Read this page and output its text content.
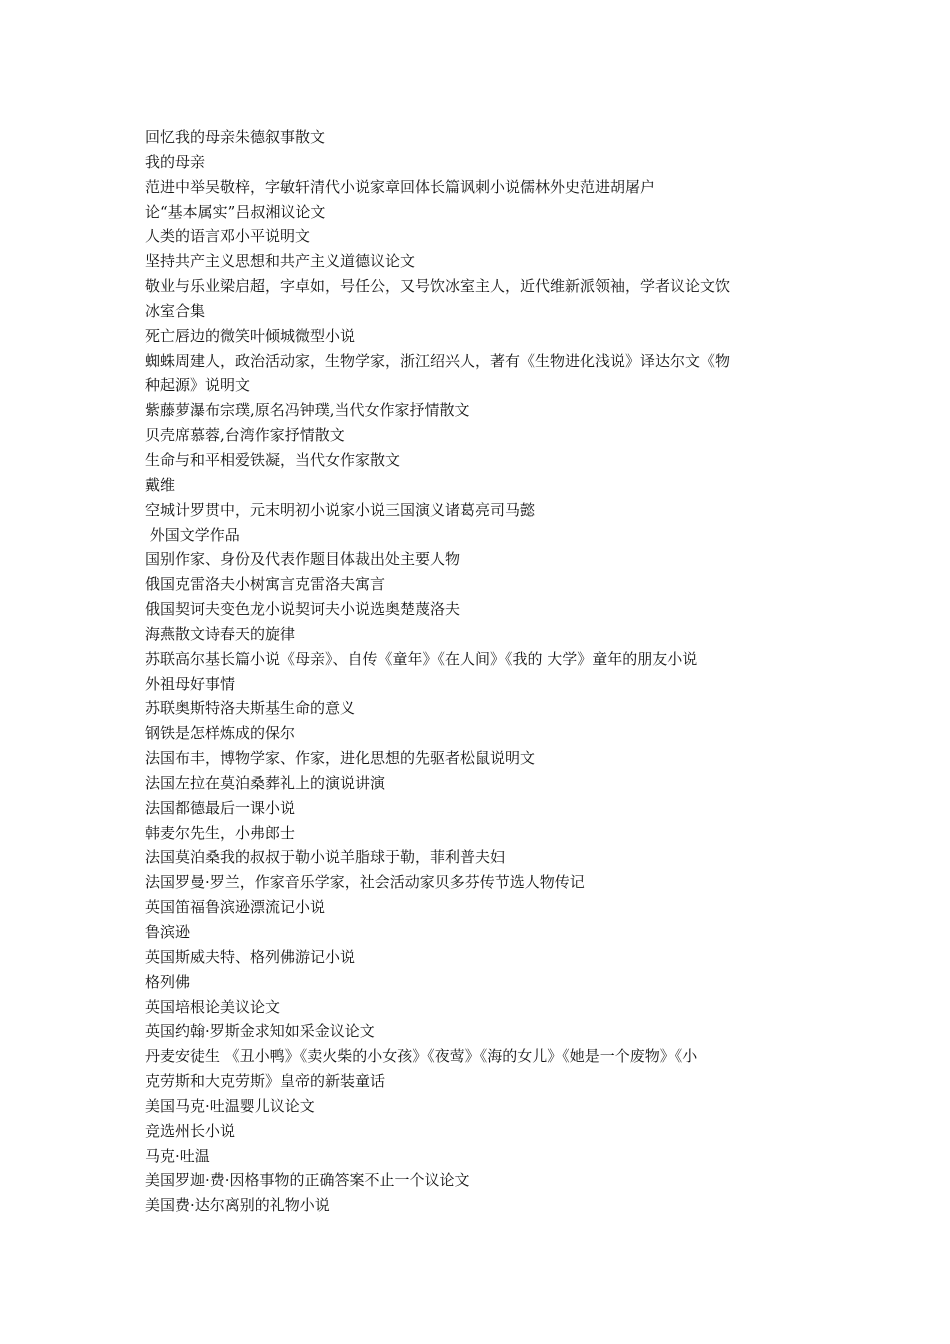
回忆我的母亲朱德叙事散文
我的母亲
范进中举吴敬梓，字敏轩清代小说家章回体长篇讽刺小说儒林外史范进胡屠户
论“基本属实”吕叔湘议论文
人类的语言邓小平说明文
坚持共产主义思想和共产主义道德议论文
敬业与乐业梁启超，字卓如，号任公，又号饮冰室主人，近代维新派领袖，学者议论文饮
冰室合集
死亡唇边的微笑叶倾城微型小说
蜘蛛周建人，政治活动家，生物学家，浙江绍兴人，著有《生物进化浅说》译达尔文《物
种起源》说明文
紫藤萝瀑布宗璞,原名冯钟璞,当代女作家抒情散文
贝壳席慕蓉,台湾作家抒情散文
生命与和平相爱铁凝，当代女作家散文
戴维
空城计罗贯中，元末明初小说家小说三国演义诸葛亮司马懿
外国文学作品
国别作家、身份及代表作题目体裁出处主要人物
俄国克雷洛夫小树寓言克雷洛夫寓言
俄国契诃夫变色龙小说契诃夫小说选奥楚蔑洛夫
海燕散文诗春天的旋律
苏联高尔基长篇小说《母亲》、自传《童年》《在人间》《我的 大学》童年的朋友小说
外祖母好事情
苏联奥斯特洛夫斯基生命的意义
钢铁是怎样炼成的保尔
法国布丰，博物学家、作家，进化思想的先驱者松鼠说明文
法国左拉在莫泊桑葬礼上的演说讲演
法国都德最后一课小说
韩麦尔先生，小弗郎士
法国莫泊桑我的叔叔于勒小说羊脂球于勒，菲利普夫妇
法国罗曼·罗兰，作家音乐学家，社会活动家贝多芬传节选人物传记
英国笛福鲁滨逊漂流记小说
鲁滨逊
英国斯威夫特、格列佛游记小说
格列佛
英国培根论美议论文
英国约翰·罗斯金求知如采金议论文
丹麦安徒生 《丑小鸭》《卖火柴的小女孩》《夜莺》《海的女儿》《她是一个废物》《小
克劳斯和大克劳斯》皇帝的新装童话
美国马克·吐温婴儿议论文
竞选州长小说
马克·吐温
美国罗迦·费·因格事物的正确答案不止一个议论文
美国费·达尔离别的礼物小说
